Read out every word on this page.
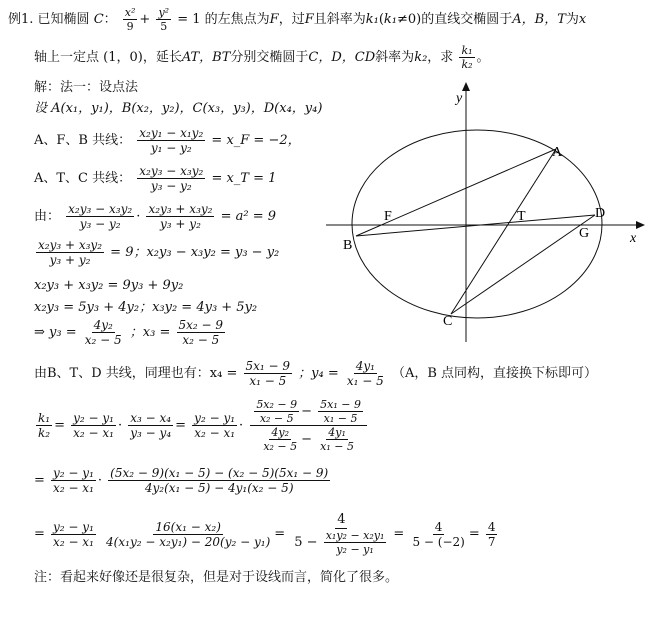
例1. 已知椭圆 C： $\frac{\text{x²}}{9} + \frac{\text{y²}}{5} = 1$ 的左焦点为F，过F且斜率为k₁(k₁≠0)的直线交椭圆于A，B，T为x
轴上一定点 (1，0)，延长AT，BT分别交椭圆于C，D，CD斜率为k₂，求 $\frac{\text{k₁}}{\text{k₂}}$ 。
解：法一：设点法
设 A(x₁，y₁)，B(x₂，y₂)，C(x₃，y₃)，D(x₄，y₄)
A、F、B 共线： $\frac{\text{x₂y₁ − x₁y₂}}{\text{y₁ − y₂}}$ = x_F = −2，
A、T、C 共线： $\frac{\text{x₂y₃ − x₃y₂}}{\text{y₃ − y₂}}$ = x_T = 1
由： $\frac{\text{x₂y₃ − x₃y₂}}{\text{y₃ − y₂}} \cdot \frac{\text{x₂y₃ + x₃y₂}}{\text{y₃ + y₂}} = a^2 = 9$
$\frac{\text{x₂y₃ + x₃y₂}}{\text{y₃ + y₂}} = 9$；x₂y₃ − x₃y₂ = y₃ − y₂
x₂y₃ + x₃y₂ = 9y₃ + 9y₂
x₂y₃ = 5y₃ + 4y₂；x₃y₂ = 4y₃ + 5y₂
⇒ $y_3 = \frac{\text{4y₂}}{\text{x₂ − 5}}$ ；$x_3 = \frac{\text{5x₂ − 9}}{\text{x₂ − 5}}$
由B、T、D 共线，同理也有：$x_4 = \frac{\text{5x₁ − 9}}{\text{x₁ − 5}}$ ；$y_4 = \frac{\text{4y₁}}{\text{x₁ − 5}} (A$，B 点同构，直接换下标即可）
$\frac{\text{k₁}}{\text{k₂}} = \frac{\text{y₂ − y₁}}{\text{x₂ − x₁}} \cdot \frac{\text{x₃ − x₄}}{\text{y₃ − y₄}} = \frac{\text{y₂ − y₁}}{\text{x₂ − x₁}} \cdot \frac{\frac{\text{5x₂ − 9}}{\text{x₂ − 5}} - \frac{\text{5x₁ − 9}}{\text{x₁ − 5}}}{\frac{\text{4y₂}}{\text{x₂ − 5}} - \frac{\text{4y₁}}{\text{x₁ − 5}}}$
= $\frac{\text{y₂ − y₁}}{\text{x₂ − x₁}} \cdot \frac{\text{(5x₂ − 9)(x₁ − 5) − (x₂ − 5)(5x₁ − 9)}}{\text{4y₂(x₁ − 5) − 4y₁(x₂ − 5)}}$
= $\frac{\text{y₂ − y₁}}{\text{x₂ − x₁}}$
$\frac{\text{16(x₁ − x₂)}}{\text{4(x₁y₂ − x₂y₁) − 20(y₂ − y₁)}} = \frac{4}{5 - \frac{\text{x₁y₂ − x₂y₁}}{\text{y₂ − y₁}}} = \frac{4}{5 - (-2)} = \frac{4}{7}$
注：看起来好像还是很复杂，但是对于设线而言，简化了很多。
y
x
A
B
C
D
F	T
G
